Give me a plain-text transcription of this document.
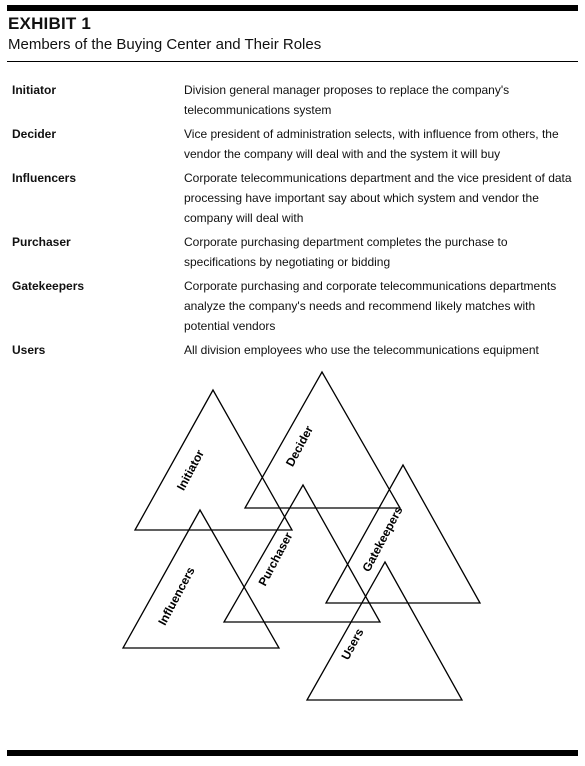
EXHIBIT 1
Members of the Buying Center and Their Roles
Initiator	Division general manager proposes to replace the company's telecommunications system
Decider	Vice president of administration selects, with influence from others, the vendor the company will deal with and the system it will buy
Influencers	Corporate telecommunications department and the vice president of data processing have important say about which system and vendor the company will deal with
Purchaser	Corporate purchasing department completes the purchase to specifications by negotiating or bidding
Gatekeepers	Corporate purchasing and corporate telecommunications departments analyze the company's needs and recommend likely matches with potential vendors
Users	All division employees who use the telecommunications equipment
Initiator
Decider
Influencers
Purchaser	Gatekeepers
Users
